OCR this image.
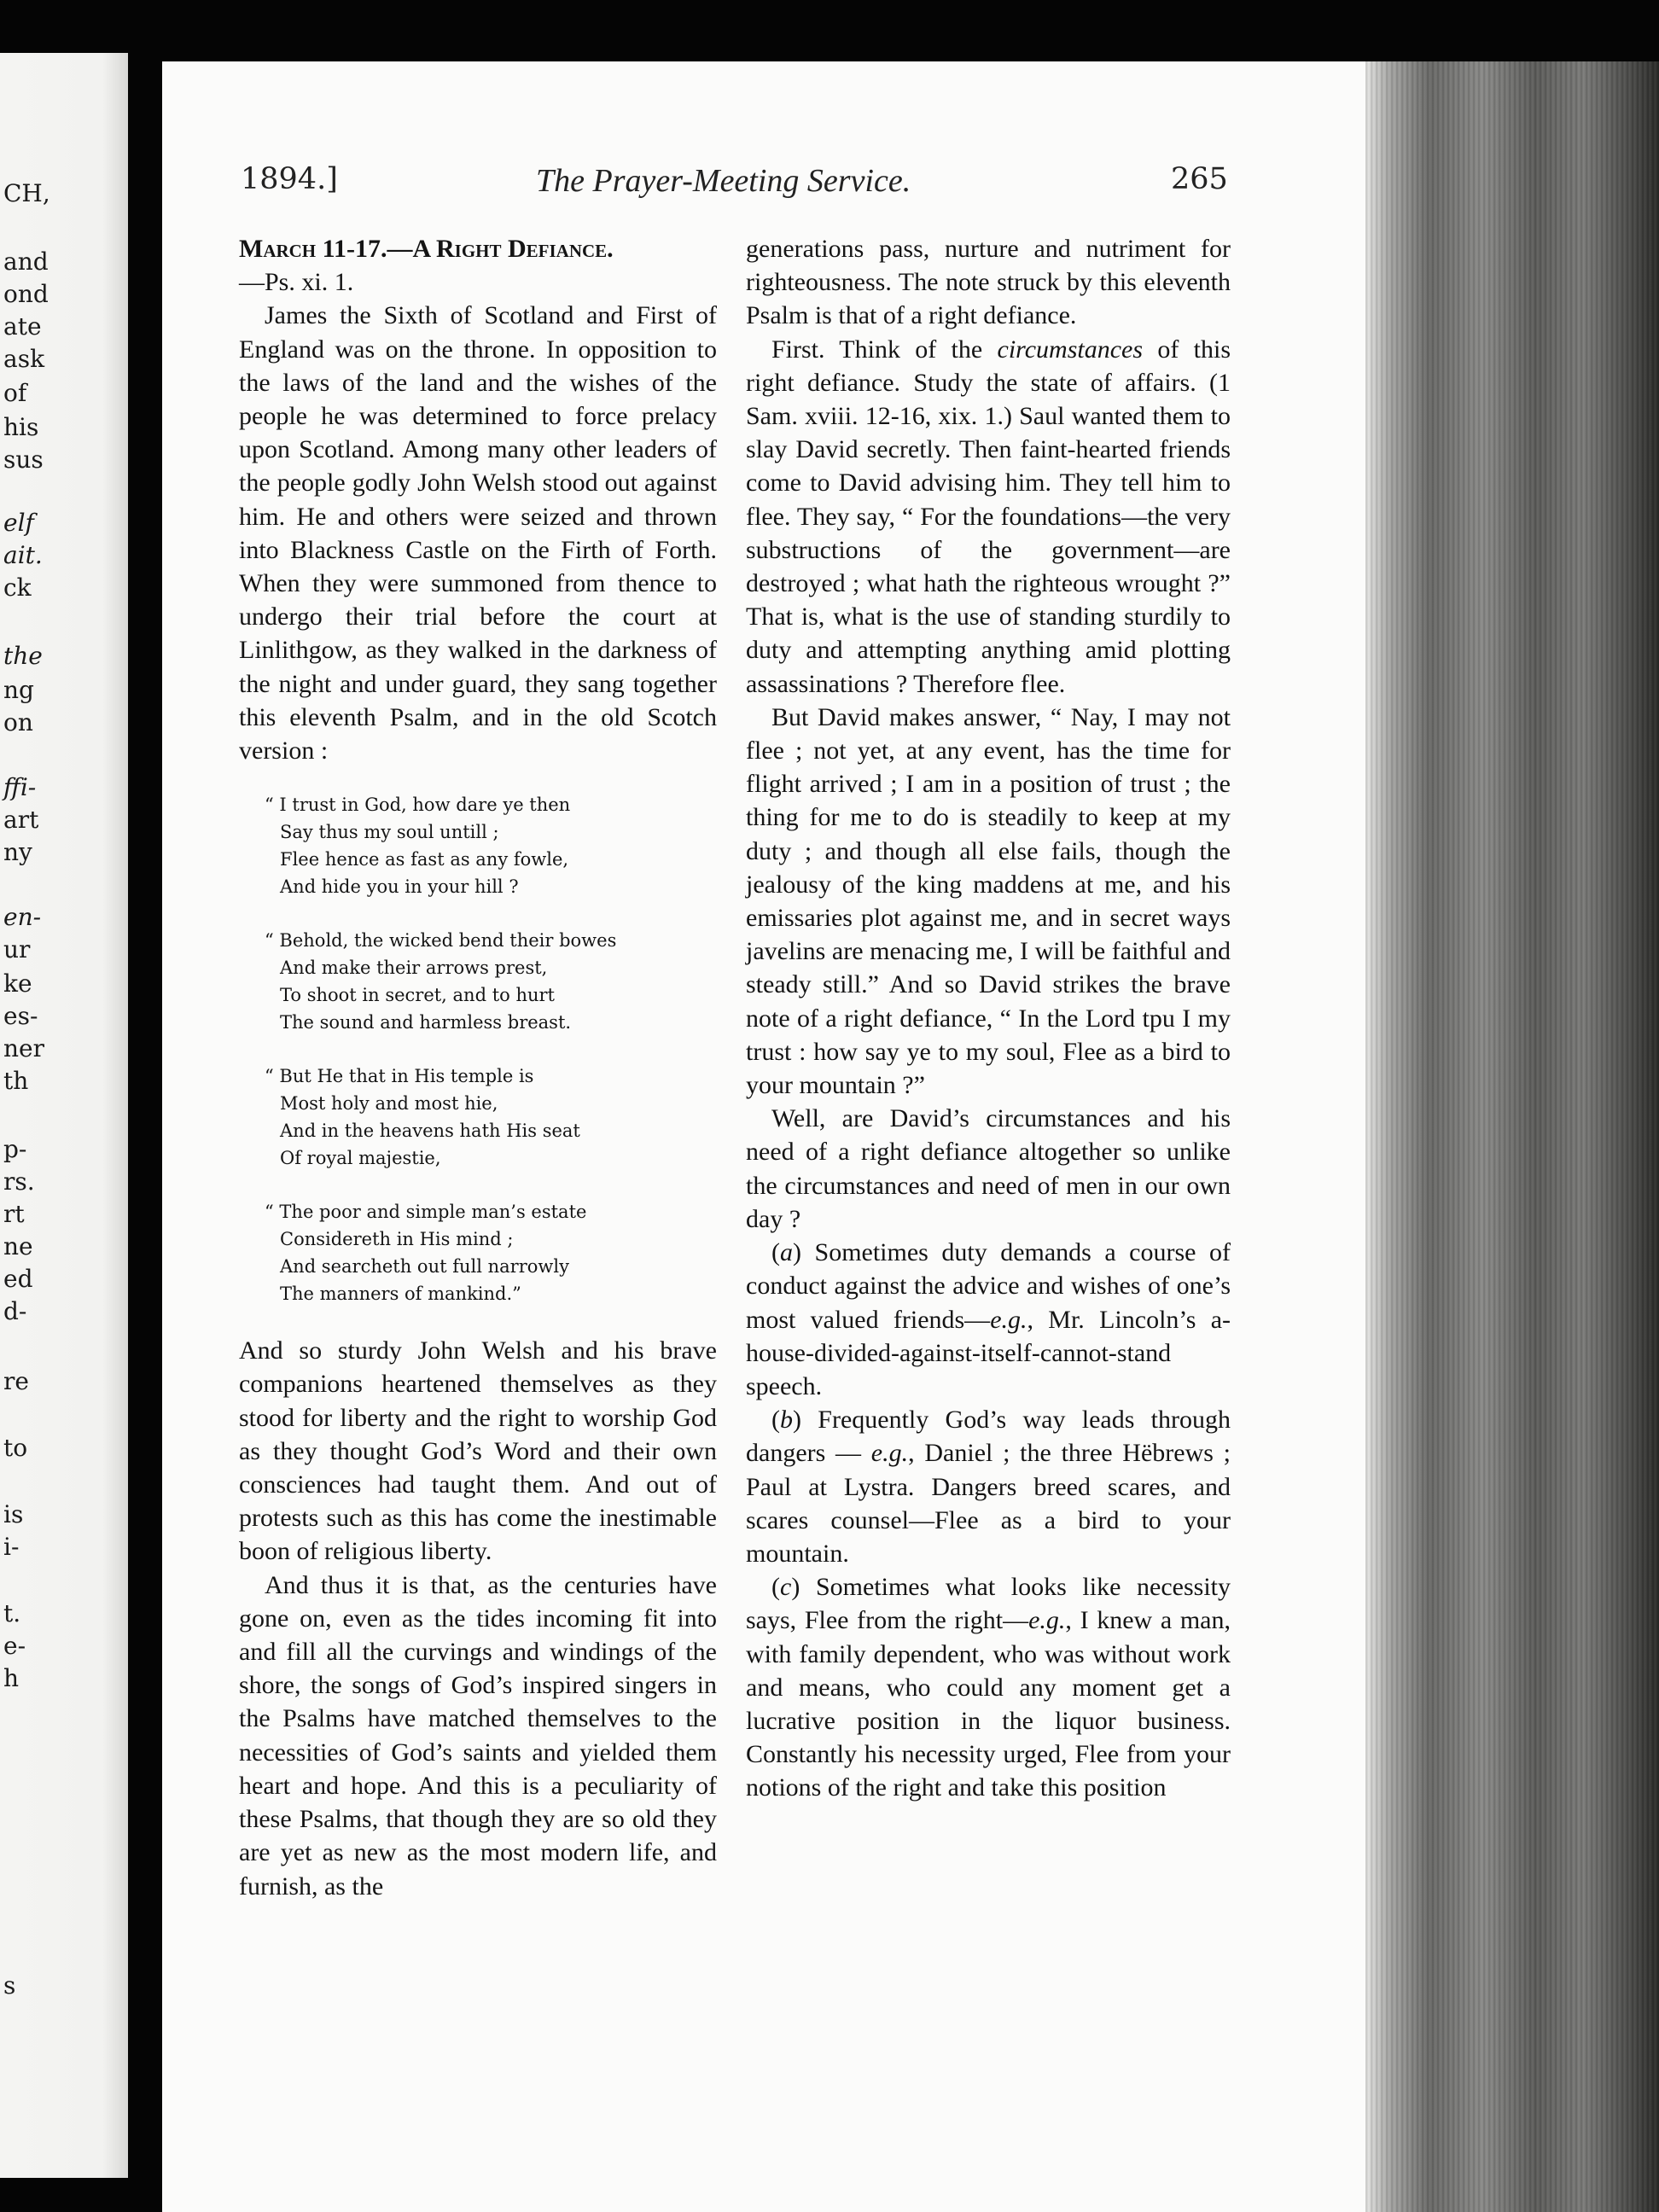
CH,
and
ond
ate
ask
of
his
sus
elf
ait.
ck
the
ng
on
ffi-
art
ny
en-
ur
ke
es-
ner
th
p-
rs.
rt
ne
ed
d-
re
to
is
i-
t.
e-
h
s
1894.]	The Prayer-Meeting Service.	265

March 11-17.—A Right Defiance.
—Ps. xi. 1.

James the Sixth of Scotland and First of England was on the throne. In opposition to the laws of the land and the wishes of the people he was determined to force prelacy upon Scotland. Among many other leaders of the people godly John Welsh stood out against him. He and others were seized and thrown into Blackness Castle on the Firth of Forth. When they were summoned from thence to undergo their trial before the court at Linlithgow, as they walked in the darkness of the night and under guard, they sang together this eleventh Psalm, and in the old Scotch version :

“ I trust in God, how dare ye then
Say thus my soul untill ;
Flee hence as fast as any fowle,
And hide you in your hill ?
“ Behold, the wicked bend their bowes
And make their arrows prest,
To shoot in secret, and to hurt
The sound and harmless breast.
“ But He that in His temple is
Most holy and most hie,
And in the heavens hath His seat
Of royal majestie,
“ The poor and simple man’s estate
Considereth in His mind ;
And searcheth out full narrowly
The manners of mankind.”

And so sturdy John Welsh and his brave companions heartened themselves as they stood for liberty and the right to worship God as they thought God’s Word and their own consciences had taught them. And out of protests such as this has come the inestimable boon of religious liberty.

And thus it is that, as the centuries have gone on, even as the tides incoming fit into and fill all the curvings and windings of the shore, the songs of God’s inspired singers in the Psalms have matched themselves to the necessities of God’s saints and yielded them heart and hope. And this is a peculiarity of these Psalms, that though they are so old they are yet as new as the most modern life, and furnish, as the

generations pass, nurture and nutriment for righteousness. The note struck by this eleventh Psalm is that of a right defiance.

First. Think of the circumstances of this right defiance. Study the state of affairs. (1 Sam. xviii. 12-16, xix. 1.) Saul wanted them to slay David secretly. Then faint-hearted friends come to David advising him. They tell him to flee. They say, “ For the foundations—the very substructions of the government—are destroyed ; what hath the righteous wrought ?” That is, what is the use of standing sturdily to duty and attempting anything amid plotting assassinations ? Therefore flee.

But David makes answer, “ Nay, I may not flee ; not yet, at any event, has the time for flight arrived ; I am in a position of trust ; the thing for me to do is steadily to keep at my duty ; and though all else fails, though the jealousy of the king maddens at me, and his emissaries plot against me, and in secret ways javelins are menacing me, I will be faithful and steady still.” And so David strikes the brave note of a right defiance, “ In the Lord tpu I my trust : how say ye to my soul, Flee as a bird to your mountain ?”

Well, are David’s circumstances and his need of a right defiance altogether so unlike the circumstances and need of men in our own day ?

(a) Sometimes duty demands a course of conduct against the advice and wishes of one’s most valued friends—e.g., Mr. Lincoln’s a-house-divided-against-itself-cannot-stand speech.

(b) Frequently God’s way leads through dangers — e.g., Daniel ; the three Hëbrews ; Paul at Lystra. Dangers breed scares, and scares counsel—Flee as a bird to your mountain.

(c) Sometimes what looks like necessity says, Flee from the right—e.g., I knew a man, with family dependent, who was without work and means, who could any moment get a lucrative position in the liquor business. Constantly his necessity urged, Flee from your notions of the right and take this position
